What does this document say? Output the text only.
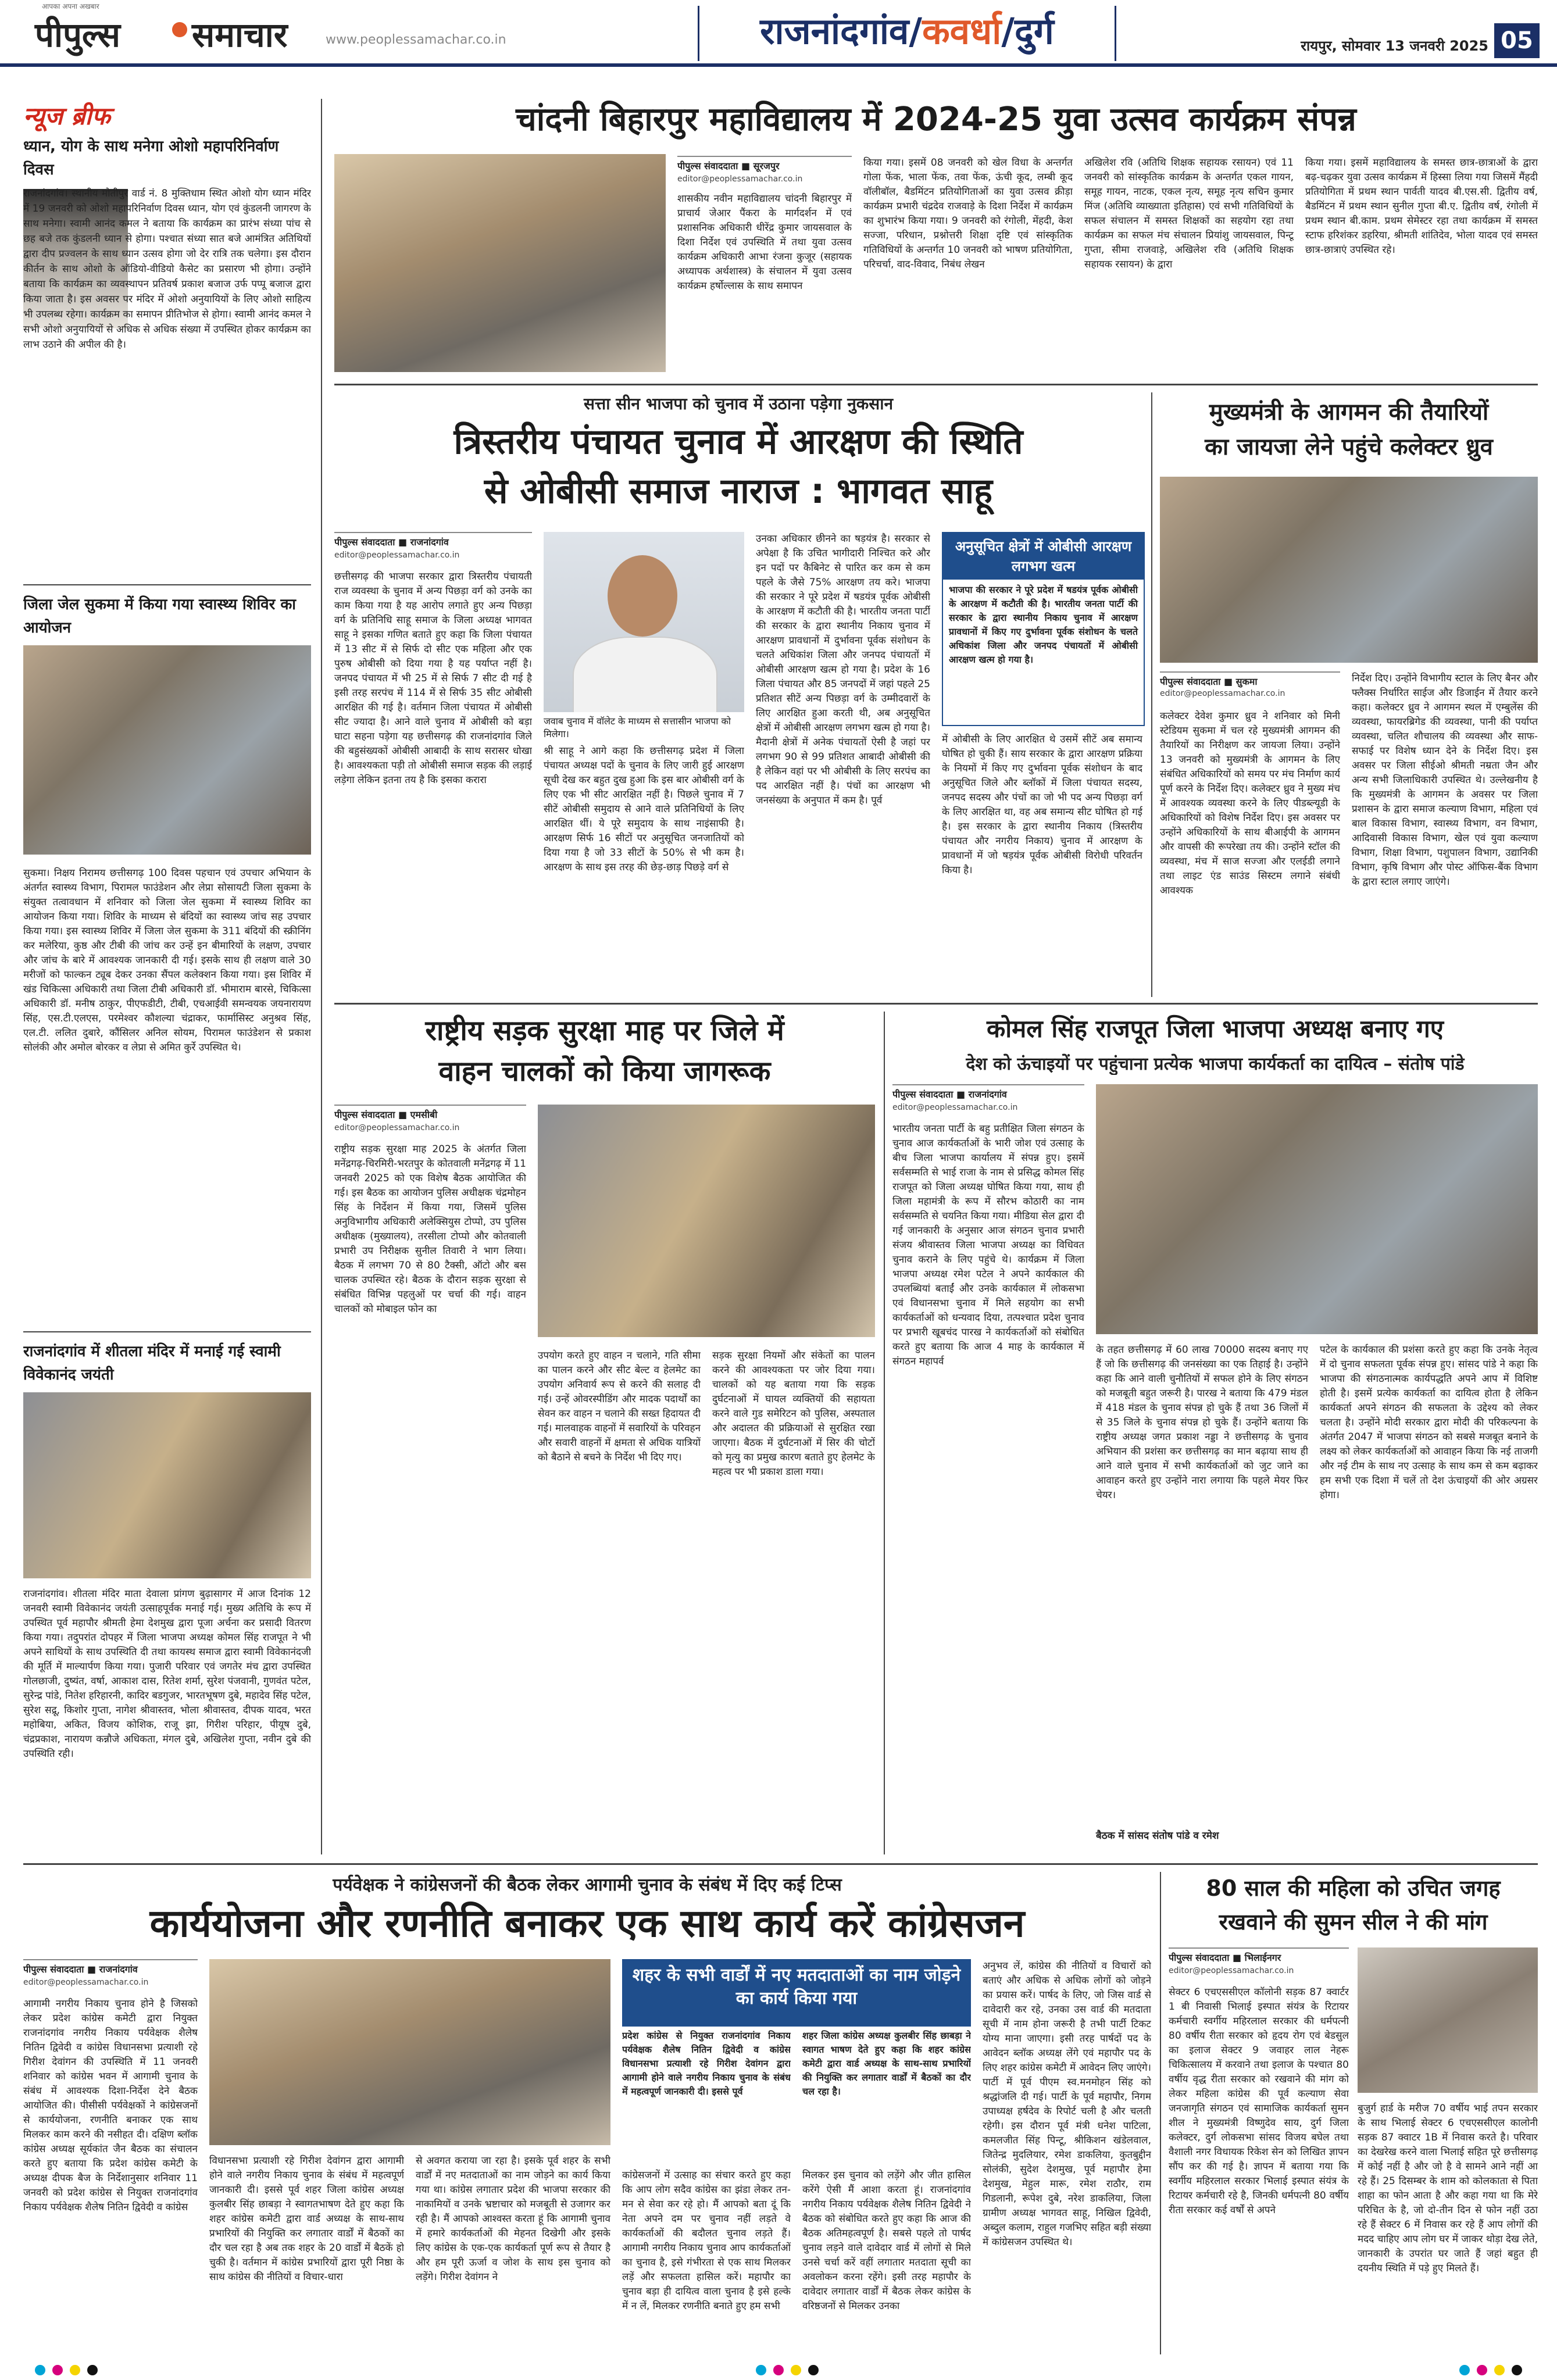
पीपुल्स समाचार
आपका अपना अखबार
www.peoplessamachar.co.in	राजनांदगांव/कवर्धा/दुर्ग	रायपुर, सोमवार 13 जनवरी 2025 05
न्यूज ब्रीफ
ध्यान, योग के साथ मनेगा ओशो महापरिनिर्वाण दिवस
राजनांदगांव। स्थानीय मोतीपुर वार्ड नं. 8 मुक्तिधाम स्थित ओशो योग ध्यान मंदिर में 19 जनवरी को ओशो महापरिनिर्वाण दिवस ध्यान, योग एवं कुंडलनी जागरण के साथ मनेगा। स्वामी आनंद कमल ने बताया कि कार्यक्रम का प्रारंभ संध्या पांच से छह बजे तक कुंडलनी ध्यान से होगा। पश्चात संध्या सात बजे आमंत्रित अतिथियों द्वारा दीप प्रज्वलन के साथ ध्यान उत्सव होगा जो देर रात्रि तक चलेगा। इस दौरान कीर्तन के साथ ओशो के ऑडियो-वीडियो कैसेट का प्रसारण भी होगा। उन्होंने बताया कि कार्यक्रम का व्यवस्थापन प्रतिवर्ष प्रकाश बजाज उर्फ पप्पू बजाज द्वारा किया जाता है। इस अवसर पर मंदिर में ओशो अनुयायियों के लिए ओशो साहित्य भी उपलब्ध रहेगा। कार्यक्रम का समापन प्रीतिभोज से होगा। स्वामी आनंद कमल ने सभी ओशो अनुयायियों से अधिक से अधिक संख्या में उपस्थित होकर कार्यक्रम का लाभ उठाने की अपील की है।
जिला जेल सुकमा में किया गया स्वास्थ्य शिविर का आयोजन
सुकमा। निक्षय निरामय छत्तीसगढ़ 100 दिवस पहचान एवं उपचार अभियान के अंतर्गत स्वास्थ्य विभाग, पिरामल फाउंडेशन और लेप्रा सोसायटी जिला सुकमा के संयुक्त तत्वावधान में शनिवार को जिला जेल सुकमा में स्वास्थ्य शिविर का आयोजन किया गया। शिविर के माध्यम से बंदियों का स्वास्थ्य जांच सह उपचार किया गया। इस स्वास्थ्य शिविर में जिला जेल सुकमा के 311 बंदियों की स्क्रीनिंग कर मलेरिया, कुष्ठ और टीबी की जांच कर उन्हें इन बीमारियों के लक्षण, उपचार और जांच के बारे में आवश्यक जानकारी दी गई। इसके साथ ही लक्षण वाले 30 मरीजों को फाल्कन ट्यूब देकर उनका सैंपल कलेक्शन किया गया। इस शिविर में खंड चिकित्सा अधिकारी तथा जिला टीबी अधिकारी डॉ. भीमाराम बारसे, चिकित्सा अधिकारी डॉ. मनीष ठाकुर, पीएफडीटी, टीबी, एचआईवी समन्वयक जयनारायण सिंह, एस.टी.एलएस, परमेश्वर कौशल्या चंद्राकर, फार्मासिस्ट अनुश्रव सिंह, एल.टी. ललित दुबारे, कौंसिलर अनिल सोयम, पिरामल फाउंडेशन से प्रकाश सोलंकी और अमोल बोरकर व लेप्रा से अमित कुर्रे उपस्थित थे।
राजनांदगांव में शीतला मंदिर में मनाई गई स्वामी विवेकानंद जयंती
राजनांदगांव। शीतला मंदिर माता देवाला प्रांगण बुढ़ासागर में आज दिनांक 12 जनवरी स्वामी विवेकानंद जयंती उत्साहपूर्वक मनाई गई। मुख्य अतिथि के रूप में उपस्थित पूर्व महापौर श्रीमती हेमा देशमुख द्वारा पूजा अर्चना कर प्रसादी वितरण किया गया। तदुपरांत दोपहर में जिला भाजपा अध्यक्ष कोमल सिंह राजपूत ने भी अपने साथियों के साथ उपस्थिति दी तथा कायस्थ समाज द्वारा स्वामी विवेकानंदजी की मूर्ति में माल्यार्पण किया गया। पुजारी परिवार एवं जगतेर मंच द्वारा उपस्थित गोलछाजी, दुष्यंत, वर्षा, आकाश दास, रितेश शर्मा, सुरेश पंजवानी, गुणवंत पटेल, सुरेन्द्र पांडे, नितेश हरिहारनी, कादिर बडगुजर, भारतभूषण दुबे, महादेव सिंह पटेल, सुरेश सद्रू, किशोर गुप्ता, नागेश श्रीवास्तव, भोला श्रीवास्तव, दीपक यादव, भरत महोबिया, अकित, विजय कोशिक, राजू झा, गिरीश परिहार, पीयूष दुबे, चंद्रप्रकाश, नारायण कन्नौजे अधिकता, मंगल दुबे, अखिलेश गुप्ता, नवीन दुबे की उपस्थिति रही।
चांदनी बिहारपुर महाविद्यालय में 2024-25 युवा उत्सव कार्यक्रम संपन्न
पीपुल्स संवाददाता ■ सूरजपुर
editor@peoplessamachar.co.in
शासकीय नवीन महाविद्यालय चांदनी बिहारपुर में प्राचार्य जेआर पैंकरा के मार्गदर्शन में एवं प्रशासनिक अधिकारी धीरेंद्र कुमार जायसवाल के दिशा निर्देश एवं उपस्थिति में तथा युवा उत्सव कार्यक्रम अधिकारी आभा रंजना कुजूर (सहायक अध्यापक अर्थशास्त्र) के संचालन में युवा उत्सव कार्यक्रम हर्षोल्लास के साथ समापन
किया गया। इसमें 08 जनवरी को खेल विधा के अन्तर्गत गोला फेंक, भाला फेंक, तवा फेंक, ऊंची कूद, लम्बी कूद वॉलीबॉल, बैडमिंटन प्रतियोगिताओं का युवा उत्सव क्रीड़ा कार्यक्रम प्रभारी चंद्रदेव राजवाड़े के दिशा निर्देश में कार्यक्रम का शुभारंभ किया गया। 9 जनवरी को रंगोली, मेंहदी, केश सज्जा, परिधान, प्रश्नोत्तरी शिक्षा दृष्टि एवं सांस्कृतिक गतिविधियों के अन्तर्गत 10 जनवरी को भाषण प्रतियोगिता, परिचर्चा, वाद-विवाद, निबंध लेखन
अखिलेश रवि (अतिथि शिक्षक सहायक रसायन) एवं 11 जनवरी को सांस्कृतिक कार्यक्रम के अन्तर्गत एकल गायन, समूह गायन, नाटक, एकल नृत्य, समूह नृत्य सचिन कुमार मिंज (अतिथि व्याख्याता इतिहास) एवं सभी गतिविधियों के सफल संचालन में समस्त शिक्षकों का सहयोग रहा तथा कार्यक्रम का सफल मंच संचालन प्रियांशु जायसवाल, पिन्टू गुप्ता, सीमा राजवाड़े, अखिलेश रवि (अतिथि शिक्षक सहायक रसायन) के द्वारा
किया गया। इसमें महाविद्यालय के समस्त छात्र-छात्राओं के द्वारा बढ़-चढ़कर युवा उत्सव कार्यक्रम में हिस्सा लिया गया जिसमें मैंहदी प्रतियोगिता में प्रथम स्थान पार्वती यादव बी.एस.सी. द्वितीय वर्ष, बैडमिंटन में प्रथम स्थान सुनील गुप्ता बी.ए. द्वितीय वर्ष, रंगोली में प्रथम स्थान बी.काम. प्रथम सेमेस्टर रहा तथा कार्यक्रम में समस्त स्टाफ हरिशंकर डहरिया, श्रीमती शांतिदेव, भोला यादव एवं समस्त छात्र-छात्राएं उपस्थित रहे।
सत्ता सीन भाजपा को चुनाव में उठाना पड़ेगा नुकसान
त्रिस्तरीय पंचायत चुनाव में आरक्षण की स्थिति
से ओबीसी समाज नाराज : भागवत साहू
पीपुल्स संवाददाता ■ राजनांदगांव
editor@peoplessamachar.co.in
छत्तीसगढ़ की भाजपा सरकार द्वारा त्रिस्तरीय पंचायती राज व्यवस्था के चुनाव में अन्य पिछड़ा वर्ग को उनके का काम किया गया है यह आरोप लगाते हुए अन्य पिछड़ा वर्ग के प्रतिनिधि साहू समाज के जिला अध्यक्ष भागवत साहू ने इसका गणित बताते हुए कहा कि जिला पंचायत में 13 सीट में से सिर्फ दो सीट एक महिला और एक पुरुष ओबीसी को दिया गया है यह पर्याप्त नहीं है। जनपद पंचायत में भी 25 में से सिर्फ 7 सीट दी गई है इसी तरह सरपंच में 114 में से सिर्फ 35 सीट ओबीसी आरक्षित की गई है। वर्तमान जिला पंचायत में ओबीसी सीट ज्यादा है। आने वाले चुनाव में ओबीसी को बड़ा घाटा सहना पड़ेगा यह छत्तीसगढ़ की राजनांदगांव जिले की बहुसंख्यकों ओबीसी आबादी के साथ सरासर धोखा है। आवश्यकता पड़ी तो ओबीसी समाज सड़क की लड़ाई लड़ेगा लेकिन इतना तय है कि इसका करारा
जवाब चुनाव में वॉलेट के माध्यम से सत्तासीन भाजपा को मिलेगा।
श्री साहू ने आगे कहा कि छत्तीसगढ़ प्रदेश में जिला पंचायत अध्यक्ष पदों के चुनाव के लिए जारी हुई आरक्षण सूची देख कर बहुत दुख हुआ कि इस बार ओबीसी वर्ग के लिए एक भी सीट आरक्षित नहीं है। पिछले चुनाव में 7 सीटें ओबीसी समुदाय से आने वाले प्रतिनिधियों के लिए आरक्षित थीं। ये पूरे समुदाय के साथ नाइंसाफी है। आरक्षण सिर्फ 16 सीटों पर अनुसूचित जनजातियों को दिया गया है जो 33 सीटों के 50% से भी कम है। आरक्षण के साथ इस तरह की छेड़-छाड़ पिछड़े वर्ग से
उनका अधिकार छीनने का षड़यंत्र है। सरकार से अपेक्षा है कि उचित भागीदारी निश्चित करे और इन पदों पर कैबिनेट से पारित कर कम से कम पहले के जैसे 75% आरक्षण तय करे। भाजपा की सरकार ने पूरे प्रदेश में षडयंत्र पूर्वक ओबीसी के आरक्षण में कटौती की है। भारतीय जनता पार्टी की सरकार के द्वारा स्थानीय निकाय चुनाव में आरक्षण प्रावधानों में दुर्भावना पूर्वक संशोधन के चलते अधिकांश जिला और जनपद पंचायतों में ओबीसी आरक्षण खत्म हो गया है। प्रदेश के 16 जिला पंचायत और 85 जनपदों में जहां पहले 25 प्रतिशत सीटें अन्य पिछड़ा वर्ग के उम्मीदवारों के लिए आरक्षित हुआ करती थी, अब अनुसूचित क्षेत्रों में ओबीसी आरक्षण लगभग खत्म हो गया है। मैदानी क्षेत्रों में अनेक पंचायतों ऐसी है जहां पर लगभग 90 से 99 प्रतिशत आबादी ओबीसी की है लेकिन वहां पर भी ओबीसी के लिए सरपंच का पद आरक्षित नहीं है। पंचों का आरक्षण भी जनसंख्या के अनुपात में कम है। पूर्व
अनुसूचित क्षेत्रों में ओबीसी आरक्षण लगभग खत्म
भाजपा की सरकार ने पूरे प्रदेश में षडयंत्र पूर्वक ओबीसी के आरक्षण में कटौती की है। भारतीय जनता पार्टी की सरकार के द्वारा स्थानीय निकाय चुनाव में आरक्षण प्रावधानों में किए गए दुर्भावना पूर्वक संशोधन के चलते अधिकांश जिला और जनपद पंचायतों में ओबीसी आरक्षण खत्म हो गया है।
में ओबीसी के लिए आरक्षित थे उसमें सीटें अब समान्य घोषित हो चुकी हैं। साय सरकार के द्वारा आरक्षण प्रक्रिया के नियमों में किए गए दुर्भावना पूर्वक संशोधन के बाद अनुसूचित जिले और ब्लॉकों में जिला पंचायत सदस्य, जनपद सदस्य और पंचों का जो भी पद अन्य पिछड़ा वर्ग के लिए आरक्षित था, वह अब समान्य सीट घोषित हो गई है। इस सरकार के द्वारा स्थानीय निकाय (त्रिस्तरीय पंचायत और नगरीय निकाय) चुनाव में आरक्षण के प्रावधानों में जो षड़यंत्र पूर्वक ओबीसी विरोधी परिवर्तन किया है।
मुख्यमंत्री के आगमन की तैयारियों
का जायजा लेने पहुंचे कलेक्टर ध्रुव
पीपुल्स संवाददाता ■ सुकमा
editor@peoplessamachar.co.in
कलेक्टर देवेश कुमार ध्रुव ने शनिवार को मिनी स्टेडियम सुकमा में चल रहे मुख्यमंत्री आगमन की तैयारियों का निरीक्षण कर जायजा लिया। उन्होंने 13 जनवरी को मुख्यमंत्री के आगमन के लिए संबंधित अधिकारियों को समय पर मंच निर्माण कार्य पूर्ण करने के निर्देश दिए। कलेक्टर ध्रुव ने मुख्य मंच में आवश्यक व्यवस्था करने के लिए पीडब्ल्यूडी के अधिकारियों को विशेष निर्देश दिए। इस अवसर पर उन्होंने अधिकारियों के साथ बीआईपी के आगमन और वापसी की रूपरेखा तय की। उन्होंने स्टॉल की व्यवस्था, मंच में साज सज्जा और एलईडी लगाने तथा लाइट एंड साउंड सिस्टम लगाने संबंधी आवश्यक
निर्देश दिए। उन्होंने विभागीय स्टाल के लिए बैनर और फ्लैक्स निर्धारित साईज और डिजाईन में तैयार करने कहा। कलेक्टर ध्रुव ने आगमन स्थल में एम्बुलेंस की व्यवस्था, फायरब्रिगेड की व्यवस्था, पानी की पर्याप्त व्यवस्था, चलित शौचालय की व्यवस्था और साफ-सफाई पर विशेष ध्यान देने के निर्देश दिए। इस अवसर पर जिला सीईओ श्रीमती नम्रता जैन और अन्य सभी जिलाधिकारी उपस्थित थे। उल्लेखनीय है कि मुख्यमंत्री के आगमन के अवसर पर जिला प्रशासन के द्वारा समाज कल्याण विभाग, महिला एवं बाल विकास विभाग, स्वास्थ्य विभाग, वन विभाग, आदिवासी विकास विभाग, खेल एवं युवा कल्याण विभाग, शिक्षा विभाग, पशुपालन विभाग, उद्यानिकी विभाग, कृषि विभाग और पोस्ट ऑफिस-बैंक विभाग के द्वारा स्टाल लगाए जाएंगे।
राष्ट्रीय सड़क सुरक्षा माह पर जिले में
वाहन चालकों को किया जागरूक
पीपुल्स संवाददाता ■ एमसीबी
editor@peoplessamachar.co.in
राष्ट्रीय सड़क सुरक्षा माह 2025 के अंतर्गत जिला मनेंद्रगढ़-चिरमिरी-भरतपुर के कोतवाली मनेंद्रगढ़ में 11 जनवरी 2025 को एक विशेष बैठक आयोजित की गई। इस बैठक का आयोजन पुलिस अधीक्षक चंद्रमोहन सिंह के निर्देशन में किया गया, जिसमें पुलिस अनुविभागीय अधिकारी अलेक्सियुस टोप्पो, उप पुलिस अधीक्षक (मुख्यालय), तरसीला टोप्पो और कोतवाली प्रभारी उप निरीक्षक सुनील तिवारी ने भाग लिया। बैठक में लगभग 70 से 80 टैक्सी, ऑटो और बस चालक उपस्थित रहे। बैठक के दौरान सड़क सुरक्षा से संबंधित विभिन्न पहलुओं पर चर्चा की गई। वाहन चालकों को मोबाइल फोन का
उपयोग करते हुए वाहन न चलाने, गति सीमा का पालन करने और सीट बेल्ट व हेलमेट का उपयोग अनिवार्य रूप से करने की सलाह दी गई। उन्हें ओवरस्पीडिंग और मादक पदार्थों का सेवन कर वाहन न चलाने की सख्त हिदायत दी गई। मालवाहक वाहनों में सवारियों के परिवहन और सवारी वाहनों में क्षमता से अधिक यात्रियों को बैठाने से बचने के निर्देश भी दिए गए।
सड़क सुरक्षा नियमों और संकेतों का पालन करने की आवश्यकता पर जोर दिया गया। चालकों को यह बताया गया कि सड़क दुर्घटनाओं में घायल व्यक्तियों की सहायता करने वाले गुड समेरिटन को पुलिस, अस्पताल और अदालत की प्रक्रियाओं से सुरक्षित रखा जाएगा। बैठक में दुर्घटनाओं में सिर की चोटों को मृत्यु का प्रमुख कारण बताते हुए हेलमेट के महत्व पर भी प्रकाश डाला गया।
कोमल सिंह राजपूत जिला भाजपा अध्यक्ष बनाए गए
देश को ऊंचाइयों पर पहुंचाना प्रत्येक भाजपा कार्यकर्ता का दायित्व – संतोष पांडे
पीपुल्स संवाददाता ■ राजनांदगांव
editor@peoplessamachar.co.in
भारतीय जनता पार्टी के बहु प्रतीक्षित जिला संगठन के चुनाव आज कार्यकर्ताओं के भारी जोश एवं उत्साह के बीच जिला भाजपा कार्यालय में संपन्न हुए। इसमें सर्वसम्मति से भाई राजा के नाम से प्रसिद्ध कोमल सिंह राजपूत को जिला अध्यक्ष घोषित किया गया, साथ ही जिला महामंत्री के रूप में सौरभ कोठारी का नाम सर्वसम्मति से चयनित किया गया। मीडिया सेल द्वारा दी गई जानकारी के अनुसार आज संगठन चुनाव प्रभारी संजय श्रीवास्तव जिला भाजपा अध्यक्ष का विधिवत चुनाव कराने के लिए पहुंचे थे। कार्यक्रम में जिला भाजपा अध्यक्ष रमेश पटेल ने अपने कार्यकाल की उपलब्धियां बताईं और उनके कार्यकाल में लोकसभा एवं विधानसभा चुनाव में मिले सहयोग का सभी कार्यकर्ताओं को धन्यवाद दिया, तत्पश्चात प्रदेश चुनाव पर प्रभारी खूबचंद पारख ने कार्यकर्ताओं को संबोधित करते हुए बताया कि आज 4 माह के कार्यकाल में संगठन महापर्व
के तहत छत्तीसगढ़ में 60 लाख 70000 सदस्य बनाए गए हैं जो कि छत्तीसगढ़ की जनसंख्या का एक तिहाई है। उन्होंने कहा कि आने वाली चुनौतियों में सफल होने के लिए संगठन को मजबूती बहुत जरूरी है। पारख ने बताया कि 479 मंडल में 418 मंडल के चुनाव संपन्न हो चुके हैं तथा 36 जिलों में से 35 जिले के चुनाव संपन्न हो चुके हैं। उन्होंने बताया कि राष्ट्रीय अध्यक्ष जगत प्रकाश नड्डा ने छत्तीसगढ़ के चुनाव अभियान की प्रशंसा कर छत्तीसगढ़ का मान बढ़ाया साथ ही आने वाले चुनाव में सभी कार्यकर्ताओं को जुट जाने का आवाहन करते हुए उन्होंने नारा लगाया कि पहले मेयर फिर चेयर।
बैठक में सांसद संतोष पांडे व रमेश
पटेल के कार्यकाल की प्रशंसा करते हुए कहा कि उनके नेतृत्व में दो चुनाव सफलता पूर्वक संपन्न हुए। सांसद पांडे ने कहा कि भाजपा की संगठनात्मक कार्यपद्धति अपने आप में विशिष्ट होती है। इसमें प्रत्येक कार्यकर्ता का दायित्व होता है लेकिन कार्यकर्ता अपने संगठन की सफलता के उद्देश्य को लेकर चलता है। उन्होंने मोदी सरकार द्वारा मोदी की परिकल्पना के अंतर्गत 2047 में भाजपा संगठन को सबसे मजबूत बनाने के लक्ष्य को लेकर कार्यकर्ताओं को आवाहन किया कि नई ताजगी और नई टीम के साथ नए उत्साह के साथ कम से कम बढ़ाकर हम सभी एक दिशा में चलें तो देश ऊंचाइयों की ओर अग्रसर होगा।
पर्यवेक्षक ने कांग्रेसजनों की बैठक लेकर आगामी चुनाव के संबंध में दिए कई टिप्स
कार्ययोजना और रणनीति बनाकर एक साथ कार्य करें कांग्रेसजन
पीपुल्स संवाददाता ■ राजनांदगांव
editor@peoplessamachar.co.in
आगामी नगरीय निकाय चुनाव होने है जिसको लेकर प्रदेश कांग्रेस कमेटी द्वारा नियुक्त राजनांदगांव नगरीय निकाय पर्यवेक्षक शैलेष नितिन द्विवेदी व कांग्रेस विधानसभा प्रत्याशी रहे गिरीश देवांगन की उपस्थिति में 11 जनवरी शनिवार को कांग्रेस भवन में आगामी चुनाव के संबंध में आवश्यक दिशा-निर्देश देने बैठक आयोजित की। पीसीसी पर्यवेक्षकों ने कांग्रेसजनों से कार्ययोजना, रणनीति बनाकर एक साथ मिलकर काम करने की नसीहत दी। दक्षिण ब्लॉक कांग्रेस अध्यक्ष सूर्यकांत जैन बैठक का संचालन करते हुए बताया कि प्रदेश कांग्रेस कमेटी के अध्यक्ष दीपक बैज के निर्देशानुसार शनिवार 11 जनवरी को प्रदेश कांग्रेस से नियुक्त राजनांदगांव निकाय पर्यवेक्षक शैलेष नितिन द्विवेदी व कांग्रेस
विधानसभा प्रत्याशी रहे गिरीश देवांगन द्वारा आगामी होने वाले नगरीय निकाय चुनाव के संबंध में महत्वपूर्ण जानकारी दी। इससे पूर्व शहर जिला कांग्रेस अध्यक्ष कुलबीर सिंह छाबड़ा ने स्वागतभाषण देते हुए कहा कि शहर कांग्रेस कमेटी द्वारा वार्ड अध्यक्ष के साथ-साथ प्रभारियों की नियुक्ति कर लगातार वार्डों में बैठकों का दौर चल रहा है अब तक शहर के 20 वार्डों में बैठकें हो चुकी है। वर्तमान में कांग्रेस प्रभारियों द्वारा पूरी निष्ठा के साथ कांग्रेस की नीतियों व विचार-धारा
से अवगत कराया जा रहा है। इसके पूर्व शहर के सभी वार्डों में नए मतदाताओं का नाम जोड़ने का कार्य किया गया था। कांग्रेस लगातार प्रदेश की भाजपा सरकार की नाकामियों व उनके भ्रष्टाचार को मजबूती से उजागर कर रही है। मैं आपको आश्वस्त करता हूं कि आगामी चुनाव में हमारे कार्यकर्ताओं की मेहनत दिखेगी और इसके लिए कांग्रेस के एक-एक कार्यकर्ता पूर्ण रूप से तैयार है और हम पूरी ऊर्जा व जोश के साथ इस चुनाव को लड़ेंगे। गिरीश देवांगन ने
शहर के सभी वार्डों में नए मतदाताओं का नाम जोड़ने का कार्य किया गया
प्रदेश कांग्रेस से नियुक्त राजनांदगांव निकाय पर्यवेक्षक शैलेष नितिन द्विवेदी व कांग्रेस विधानसभा प्रत्याशी रहे गिरीश देवांगन द्वारा आगामी होने वाले नगरीय निकाय चुनाव के संबंध में महत्वपूर्ण जानकारी दी। इससे पूर्व
शहर जिला कांग्रेस अध्यक्ष कुलबीर सिंह छाबड़ा ने स्वागत भाषण देते हुए कहा कि शहर कांग्रेस कमेटी द्वारा वार्ड अध्यक्ष के साथ-साथ प्रभारियों की नियुक्ति कर लगातार वार्डों में बैठकों का दौर चल रहा है।
कांग्रेसजनों में उत्साह का संचार करते हुए कहा कि आप लोग सदैव कांग्रेस का झंडा लेकर तन-मन से सेवा कर रहे हो। मैं आपको बता दूं कि नेता अपने दम पर चुनाव नहीं लड़ते वे कार्यकर्ताओं की बदौलत चुनाव लड़ते हैं। आगामी नगरीय निकाय चुनाव आप कार्यकर्ताओं का चुनाव है, इसे गंभीरता से एक साथ मिलकर लड़ें और सफलता हासिल करें। महापौर का चुनाव बड़ा ही दायित्व वाला चुनाव है इसे हल्के में न लें, मिलकर रणनीति बनाते हुए हम सभी
मिलकर इस चुनाव को लड़ेंगे और जीत हासिल करेंगे ऐसी मैं आशा करता हूं। राजनांदगांव नगरीय निकाय पर्यवेक्षक शैलेष नितिन द्विवेदी ने बैठक को संबोधित करते हुए कहा कि आज की बैठक अतिमहत्वपूर्ण है। सबसे पहले तो पार्षद चुनाव लड़ने वाले दावेदार वार्ड में लोगों से मिले उनसे चर्चा करें वहीं लगातार मतदाता सूची का अवलोकन करना रहेंगे। इसी तरह महापौर के दावेदार लगातार वार्डों में बैठक लेकर कांग्रेस के वरिष्ठजनों से मिलकर उनका
अनुभव लें, कांग्रेस की नीतियों व विचारों को बताएं और अधिक से अधिक लोगों को जोड़ने का प्रयास करें। पार्षद के लिए, जो जिस वार्ड से दावेदारी कर रहे, उनका उस वार्ड की मतदाता सूची में नाम होना जरूरी है तभी पार्टी टिकट योग्य माना जाएगा। इसी तरह पार्षदों पद के आवेदन ब्लॉक अध्यक्ष लेंगे एवं महापौर पद के लिए शहर कांग्रेस कमेटी में आवेदन लिए जाएंगे। पार्टी में पूर्व पीएम स्व.मनमोहन सिंह को श्रद्धांजलि दी गई। पार्टी के पूर्व महापौर, निगम उपाध्यक्ष हर्षदेव के रिपोर्ट चली है और चलती रहेगी। इस दौरान पूर्व मंत्री धनेश पाटिला, कमलजीत सिंह पिन्टू, श्रीकिशन खंडेलवाल, जितेन्द्र मुदलियार, रमेश डाकलिया, कुतबुद्दीन सोलंकी, सुदेश देशमुख, पूर्व महापौर हेमा देशमुख, मेहुल मारू, रमेश राठौर, राम गिडलानी, रूपेश दुबे, नरेश डाकलिया, जिला ग्रामीण अध्यक्ष भागवत साहू, निखिल द्विवेदी, अब्दुल कलाम, राहुल गजभिए सहित बड़ी संख्या में कांग्रेसजन उपस्थित थे।
80 साल की महिला को उचित जगह
रखवाने की सुमन सील ने की मांग
पीपुल्स संवाददाता ■ भिलाईनगर
editor@peoplessamachar.co.in
सेक्टर 6 एचएससीएल कॉलोनी सड़क 87 क्वार्टर 1 बी निवासी भिलाई इस्पात संयंत्र के रिटायर कर्मचारी स्वर्गीय महिरलाल सरकार की धर्मपत्नी 80 वर्षीय रीता सरकार को हृदय रोग एवं बेडसुल का इलाज सेक्टर 9 जवाहर लाल नेहरू चिकित्सालय में करवाने तथा इलाज के पश्चात 80 वर्षीय वृद्ध रीता सरकार को रखवाने की मांग को लेकर महिला कांग्रेस की पूर्व कल्याण सेवा जनजागृति संगठन एवं सामाजिक कार्यकर्ता सुमन शील ने मुख्यमंत्री विष्णुदेव साय, दुर्ग जिला कलेक्टर, दुर्ग लोकसभा सांसद विजय बघेल तथा वैशाली नगर विधायक रिकेश सेन को लिखित ज्ञापन सौंप कर की गई है। ज्ञापन में बताया गया कि स्वर्गीय महिरलाल सरकार भिलाई इस्पात संयंत्र के रिटायर कर्मचारी रहे है, जिनकी धर्मपत्नी 80 वर्षीय रीता सरकार कई वर्षों से अपने
बुजुर्ग हार्ड के मरीज 70 वर्षीय भाई तपन सरकार के साथ भिलाई सेक्टर 6 एचएससीएल कालोनी सड़क 87 क्वाटर 1B में निवास करते है। परिवार का देखरेख करने वाला भिलाई सहित पूरे छत्तीसगढ़ में कोई नहीं है और जो है वे सामने आने नहीं आ रहे हैं। 25 दिसम्बर के शाम को कोलकाता से पिता शाहा का फोन आता है और कहा गया था कि मेरे परिचित के है, जो दो-तीन दिन से फोन नहीं उठा रहे हैं सेक्टर 6 में निवास कर रहे हैं आप लोगों की मदद चाहिए आप लोग घर में जाकर थोड़ा देख लेते, जानकारी के उपरांत घर जाते हैं जहां बहुत ही दयनीय स्थिति में पड़े हुए मिलते हैं।
